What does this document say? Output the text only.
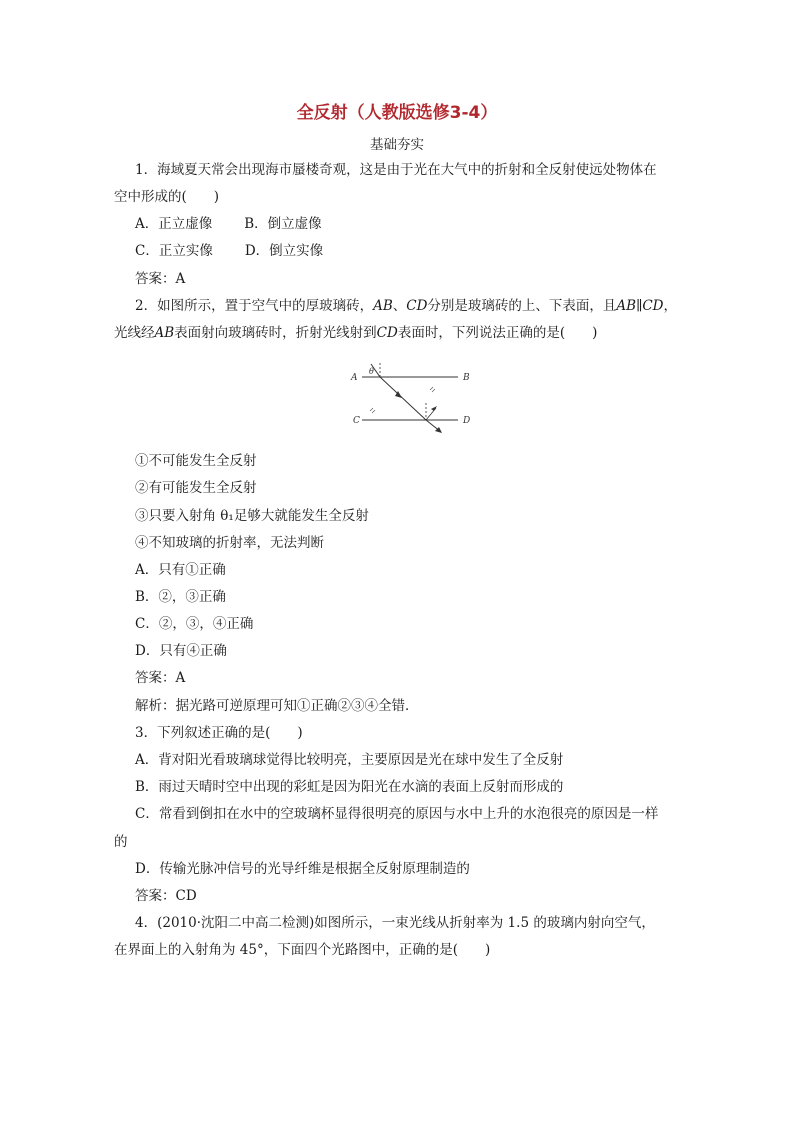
全反射（人教版选修3-4）
基础夯实
1．海域夏天常会出现海市蜃楼奇观，这是由于光在大气中的折射和全反射使远处物体在
空中形成的(　　)
A．正立虚像 B．倒立虚像
C．正立实像 D．倒立实像
答案：A
2．如图所示，置于空气中的厚玻璃砖，AB、CD分别是玻璃砖的上、下表面，且AB∥CD，
光线经AB表面射向玻璃砖时，折射光线射到CD表面时，下列说法正确的是(　　)
A	B
C	D
θ
①不可能发生全反射
②有可能发生全反射
③只要入射角 θ₁足够大就能发生全反射
④不知玻璃的折射率，无法判断
A．只有①正确
B．②，③正确
C．②，③，④正确
D．只有④正确
答案：A
解析：据光路可逆原理可知①正确②③④全错．
3．下列叙述正确的是(　　)
A．背对阳光看玻璃球觉得比较明亮，主要原因是光在球中发生了全反射
B．雨过天晴时空中出现的彩虹是因为阳光在水滴的表面上反射而形成的
C．常看到倒扣在水中的空玻璃杯显得很明亮的原因与水中上升的水泡很亮的原因是一样
的
D．传输光脉冲信号的光导纤维是根据全反射原理制造的
答案：CD
4．(2010·沈阳二中高二检测)如图所示，一束光线从折射率为 1.5 的玻璃内射向空气，
在界面上的入射角为 45°，下面四个光路图中，正确的是(　　)
